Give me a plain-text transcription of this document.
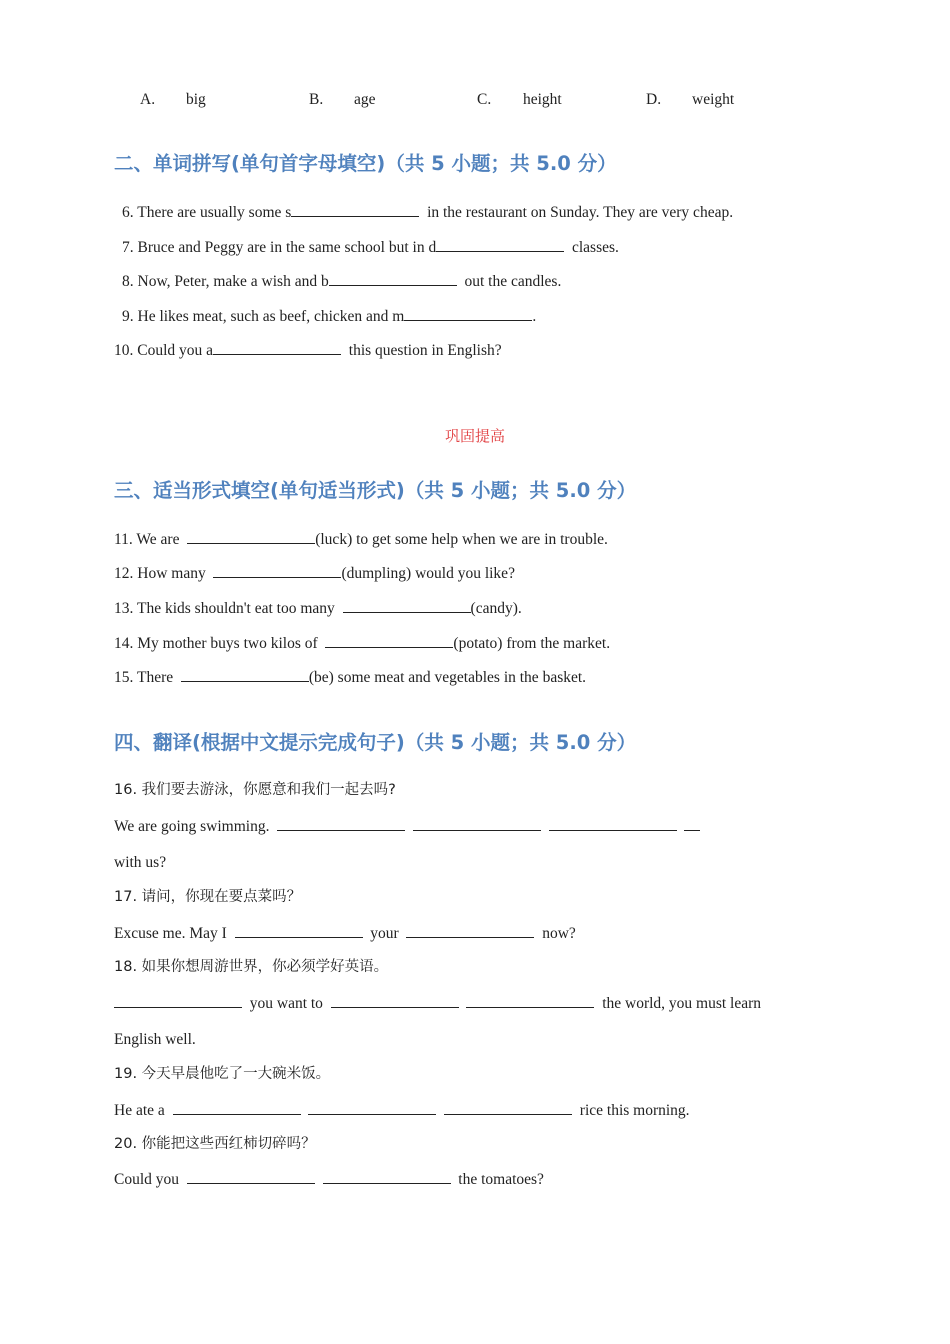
A. big	B. age	C. height	D. weight
二、单词拼写(单句首字母填空)（共 5 小题；共 5.0 分）
6. There are usually some s	in the restaurant on Sunday. They are very cheap.
7. Bruce and Peggy are in the same school but in d	classes.
8. Now, Peter, make a wish and b	out the candles.
9. He likes meat, such as beef, chicken and m	.
10. Could you a	this question in English?
巩固提高
三、适当形式填空(单句适当形式)（共 5 小题；共 5.0 分）
11. We are	(luck) to get some help when we are in trouble.
12. How many	(dumpling) would you like?
13. The kids shouldn't eat too many	(candy).
14. My mother buys two kilos of	(potato) from the market.
15. There	(be) some meat and vegetables in the basket.
四、翻译(根据中文提示完成句子)（共 5 小题；共 5.0 分）
16. 我们要去游泳，你愿意和我们一起去吗?
We are going swimming.
with us?
17. 请问，你现在要点菜吗？
Excuse me. May I	your	now?
18. 如果你想周游世界，你必须学好英语。
you want to	the world, you must learn
English well.
19. 今天早晨他吃了一大碗米饭。
He ate a	rice this morning.
20. 你能把这些西红柿切碎吗？
Could you	the tomatoes?
